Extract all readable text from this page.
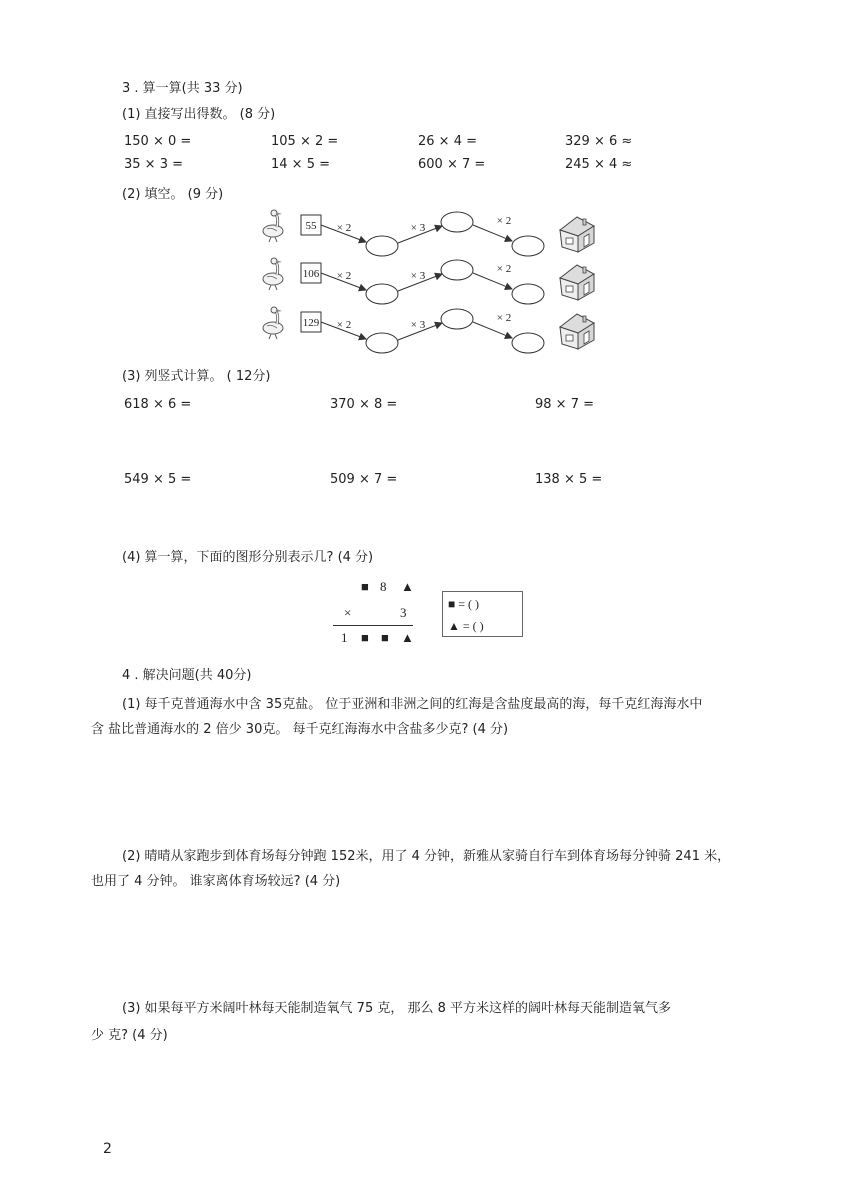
3 . 算一算(共 33 分)
(1) 直接写出得数。 (8 分)
150 × 0 =	105 × 2 =	26 × 4 =	329 × 6 ≈
35 × 3 =	14 × 5 =	600 × 7 =	245 × 4 ≈
(2) 填空。 (9 分)
55 × 2	× 3
× 2
106 × 2	× 3
× 2
129 × 2	× 3
× 2
(3) 列竖式计算。 ( 12分)
618 × 6 =	370 × 8 =	98 × 7 =
549 × 5 =	509 × 7 =	138 × 5 =
(4) 算一算，下面的图形分别表示几? (4 分)
■ 8 ▲
×	3
1 ■ ■ ▲
■ = ( )
▲ = ( )
4 . 解决问题(共 40分)
(1) 每千克普通海水中含 35克盐。 位于亚洲和非洲之间的红海是含盐度最高的海，每千克红海海水中
含 盐比普通海水的 2 倍少 30克。 每千克红海海水中含盐多少克? (4 分)
(2) 晴晴从家跑步到体育场每分钟跑 152米，用了 4 分钟，新雅从家骑自行车到体育场每分钟骑 241 米，
也用了 4 分钟。 谁家离体育场较远? (4 分)
(3) 如果每平方米阔叶林每天能制造氧气 75 克， 那么 8 平方米这样的阔叶林每天能制造氧气多
少 克? (4 分)
2
